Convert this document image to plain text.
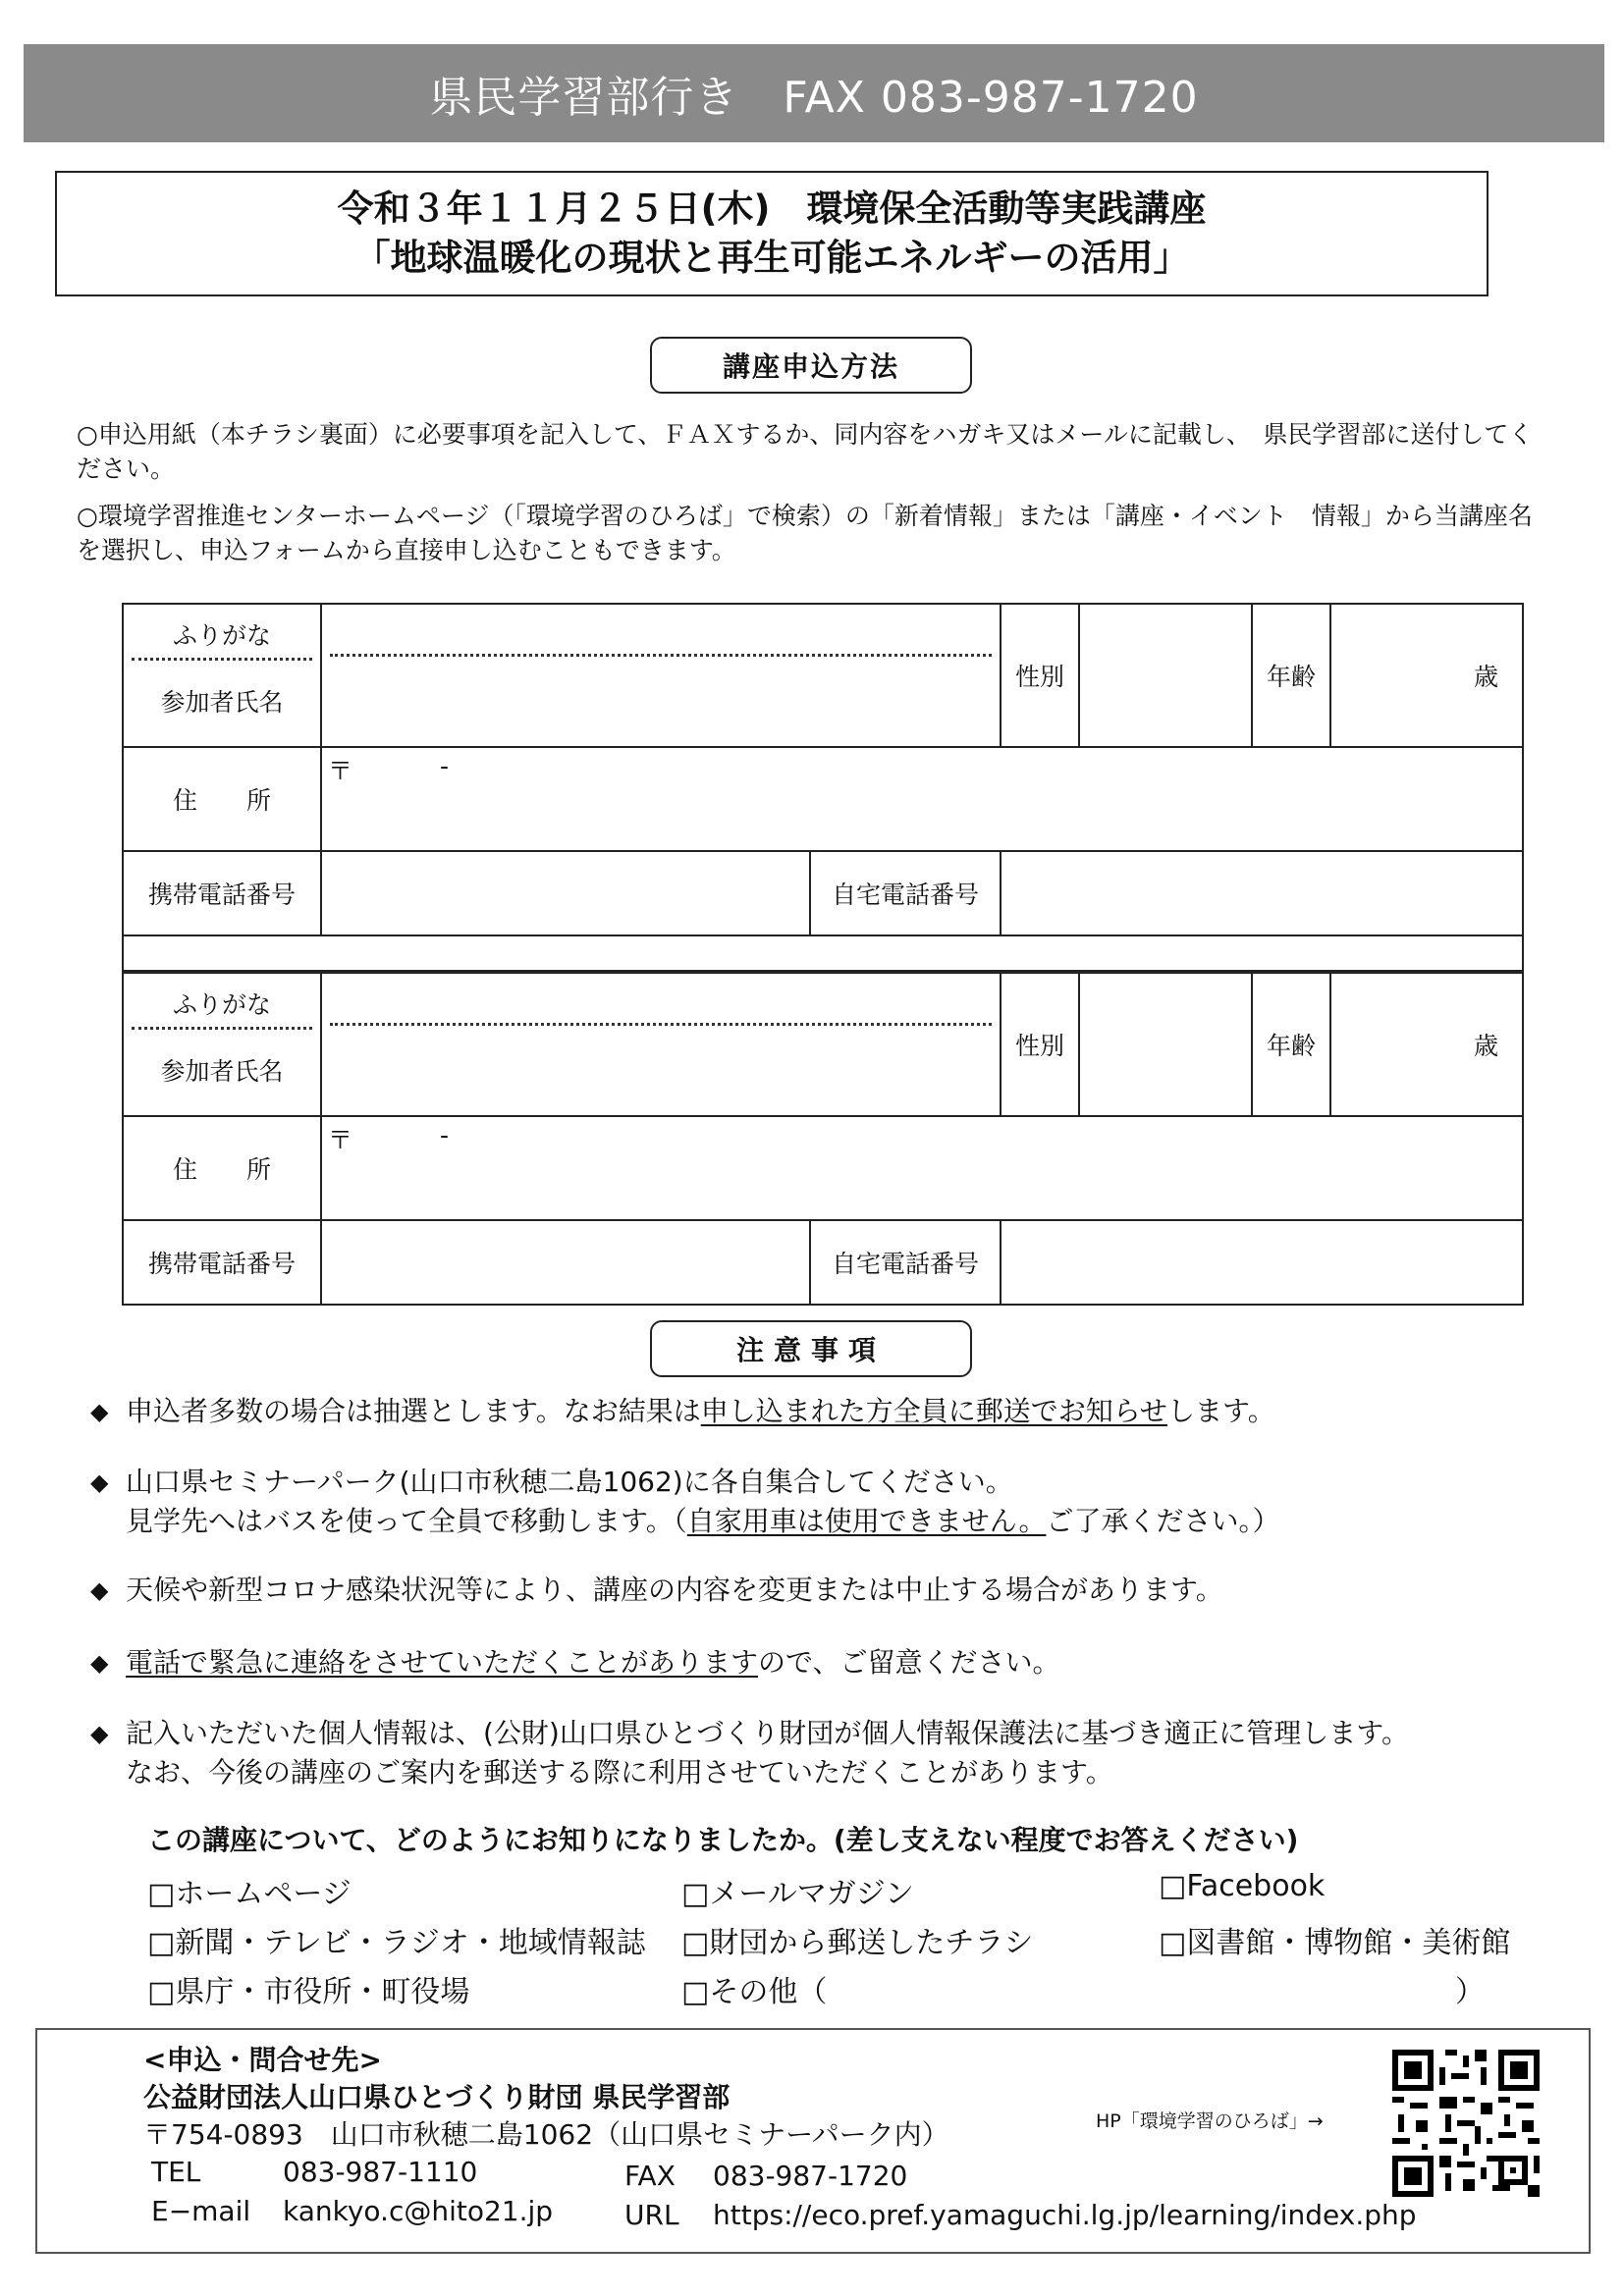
県民学習部行き　FAX 083-987-1720
令和３年１１月２５日(木)　環境保全活動等実践講座
「地球温暖化の現状と再生可能エネルギーの活用」
講座申込方法
○申込用紙（本チラシ裏面）に必要事項を記入して、ＦＡＸするか、同内容をハガキ又はメールに記載し、　県民学習部に送付してください。
○環境学習推進センターホームページ（「環境学習のひろば」で検索）の「新着情報」または「講座・イベント　情報」から当講座名を選択し、申込フォームから直接申し込むこともできます。
ふりがな
参加者氏名			性別		年齢	歳
住　　所	〒 -					

携帯電話番号		自宅電話番号				

ふりがな
参加者氏名			性別		年齢	歳
住　　所	〒 -					

携帯電話番号		自宅電話番号				
注意事項
◆ 申込者多数の場合は抽選とします。なお結果は申し込まれた方全員に郵送でお知らせします。
◆ 山口県セミナーパーク(山口市秋穂二島1062)に各自集合してください。
見学先へはバスを使って全員で移動します。（自家用車は使用できません。ご了承ください。）
◆ 天候や新型コロナ感染状況等により、講座の内容を変更または中止する場合があります。
◆ 電話で緊急に連絡をさせていただくことがありますので、ご留意ください。
◆ 記入いただいた個人情報は、(公財)山口県ひとづくり財団が個人情報保護法に基づき適正に管理します。
なお、今後の講座のご案内を郵送する際に利用させていただくことがあります。
この講座について、どのようにお知りになりましたか。(差し支えない程度でお答えください)
□ホームページ	□メールマガジン	□Facebook
□新聞・テレビ・ラジオ・地域情報誌 □財団から郵送したチラシ	□図書館・博物館・美術館
□県庁・市役所・町役場	□その他（	）
<申込・問合せ先>
公益財団法人山口県ひとづくり財団 県民学習部
〒754-0893　山口市秋穂二島1062（山口県セミナーパーク内）
TEL	083-987-1110	FAX 083-987-1720
E−mail kankyo.c@hito21.jp	URL https://eco.pref.yamaguchi.lg.jp/learning/index.php
HP「環境学習のひろば」→
